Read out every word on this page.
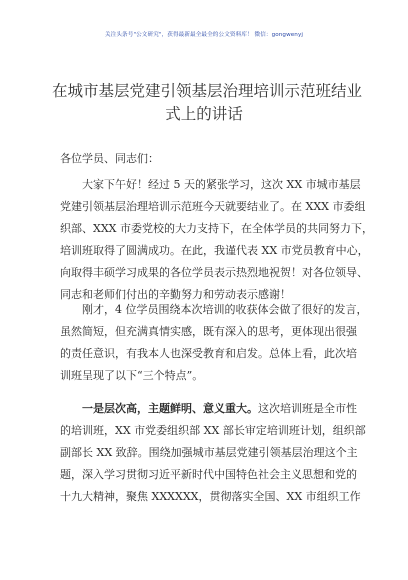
关注头条号"公文研究"，获得最新最全最全的公文资料库！ 微信：gongwenyj
在城市基层党建引领基层治理培训示范班结业
式上的讲话
各位学员、同志们：
大家下午好！经过 5 天的紧张学习，这次 XX 市城市基层
党建引领基层治理培训示范班今天就要结业了。在 XXX 市委组
织部、XXX 市委党校的大力支持下，在全体学员的共同努力下，
培训班取得了圆满成功。在此，我谨代表 XX 市党员教育中心，
向取得丰硕学习成果的各位学员表示热烈地祝贺！对各位领导、
同志和老师们付出的辛勤努力和劳动表示感谢！
刚才，4 位学员围绕本次培训的收获体会做了很好的发言，
虽然简短，但充满真情实感，既有深入的思考，更体现出很强
的责任意识，有我本人也深受教育和启发。总体上看，此次培
训班呈现了以下“三个特点”。
一是层次高，主题鲜明、意义重大。这次培训班是全市性
的培训班，XX 市党委组织部 XX 部长审定培训班计划，组织部
副部长 XX 致辞。围绕加强城市基层党建引领基层治理这个主
题，深入学习贯彻习近平新时代中国特色社会主义思想和党的
十九大精神，聚焦 XXXXXX，贯彻落实全国、XX 市组织工作
